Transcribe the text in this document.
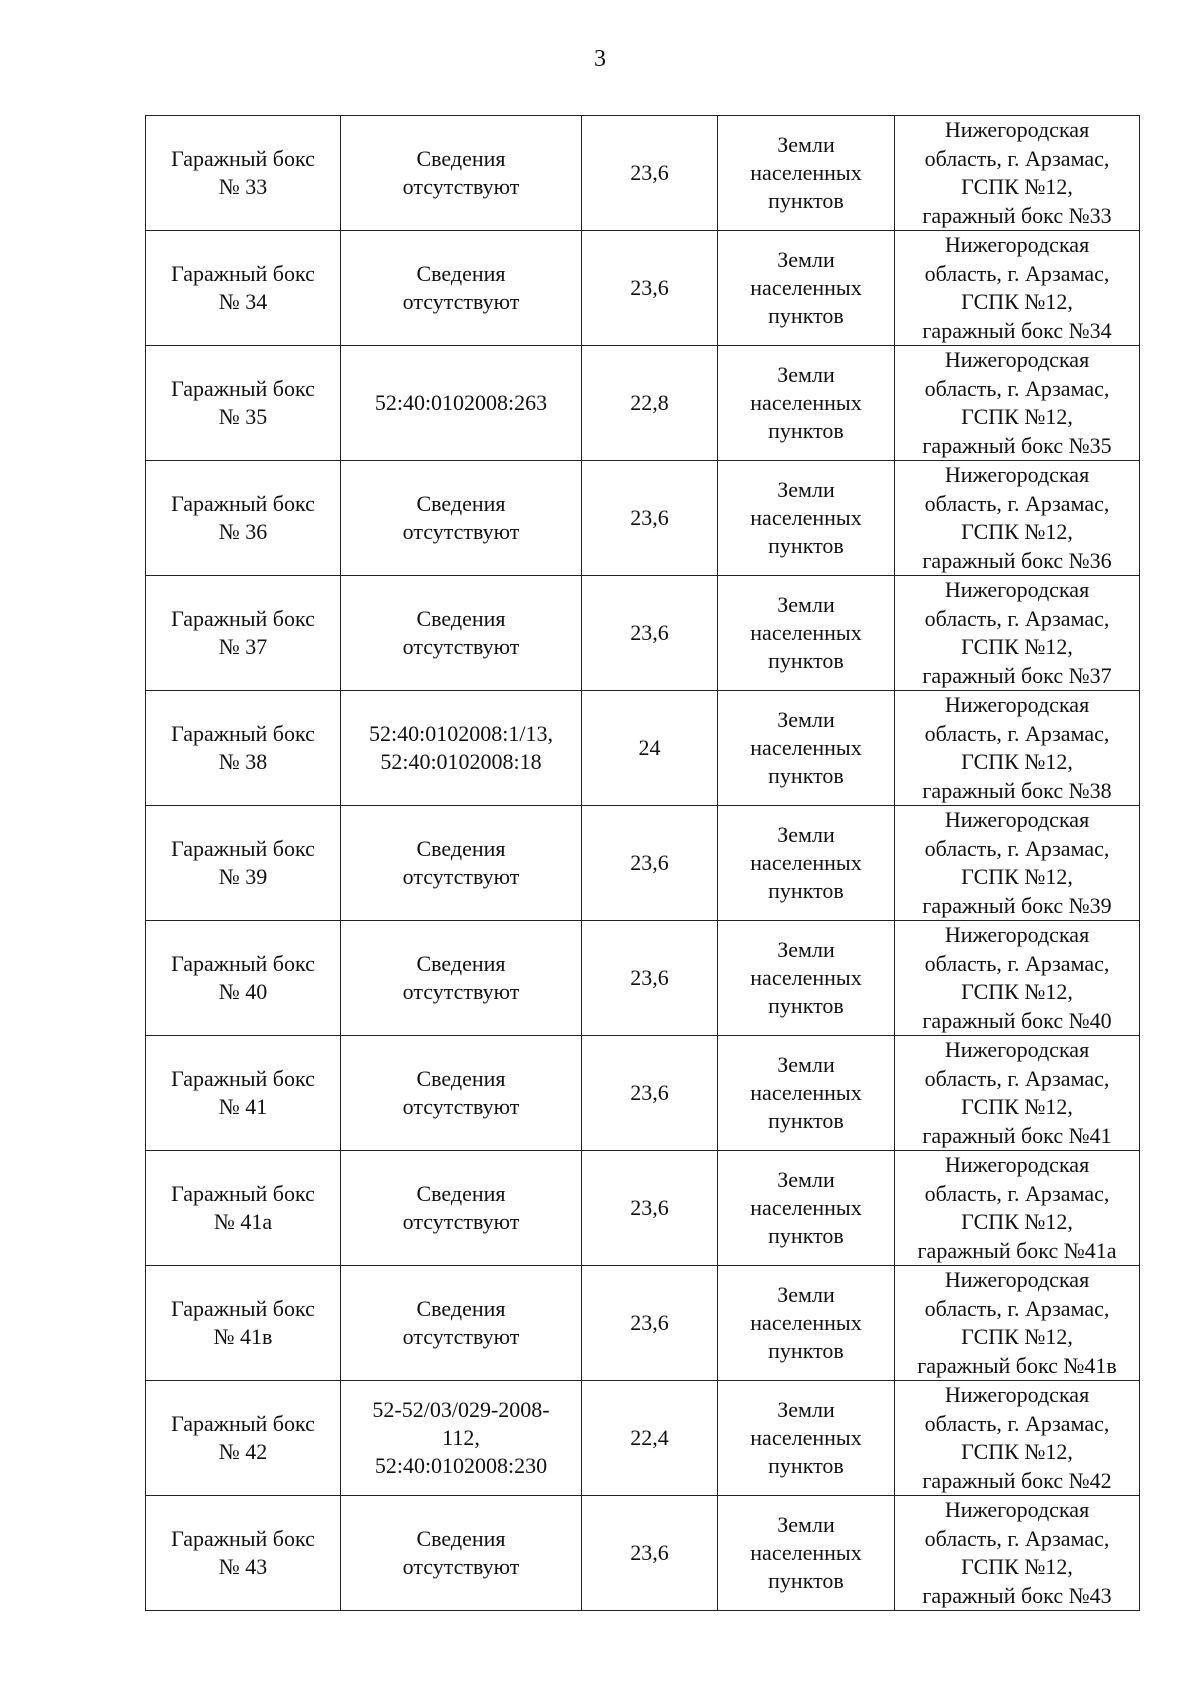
3
Гаражный бокс
№ 33	Сведения
отсутствуют	23,6	Земли
населенных
пунктов	Нижегородская
область, г. Арзамас,
ГСПК №12,
гаражный бокс №33

Гаражный бокс
№ 34	Сведения
отсутствуют	23,6	Земли
населенных
пунктов	Нижегородская
область, г. Арзамас,
ГСПК №12,
гаражный бокс №34

Гаражный бокс
№ 35	52:40:0102008:263	22,8	Земли
населенных
пунктов	Нижегородская
область, г. Арзамас,
ГСПК №12,
гаражный бокс №35

Гаражный бокс
№ 36	Сведения
отсутствуют	23,6	Земли
населенных
пунктов	Нижегородская
область, г. Арзамас,
ГСПК №12,
гаражный бокс №36

Гаражный бокс
№ 37	Сведения
отсутствуют	23,6	Земли
населенных
пунктов	Нижегородская
область, г. Арзамас,
ГСПК №12,
гаражный бокс №37

Гаражный бокс
№ 38	52:40:0102008:1/13,
52:40:0102008:18	24	Земли
населенных
пунктов	Нижегородская
область, г. Арзамас,
ГСПК №12,
гаражный бокс №38

Гаражный бокс
№ 39	Сведения
отсутствуют	23,6	Земли
населенных
пунктов	Нижегородская
область, г. Арзамас,
ГСПК №12,
гаражный бокс №39

Гаражный бокс
№ 40	Сведения
отсутствуют	23,6	Земли
населенных
пунктов	Нижегородская
область, г. Арзамас,
ГСПК №12,
гаражный бокс №40

Гаражный бокс
№ 41	Сведения
отсутствуют	23,6	Земли
населенных
пунктов	Нижегородская
область, г. Арзамас,
ГСПК №12,
гаражный бокс №41

Гаражный бокс
№ 41а	Сведения
отсутствуют	23,6	Земли
населенных
пунктов	Нижегородская
область, г. Арзамас,
ГСПК №12,
гаражный бокс №41а

Гаражный бокс
№ 41в	Сведения
отсутствуют	23,6	Земли
населенных
пунктов	Нижегородская
область, г. Арзамас,
ГСПК №12,
гаражный бокс №41в

Гаражный бокс
№ 42	52-52/03/029-2008-
112,
52:40:0102008:230	22,4	Земли
населенных
пунктов	Нижегородская
область, г. Арзамас,
ГСПК №12,
гаражный бокс №42

Гаражный бокс
№ 43	Сведения
отсутствуют	23,6	Земли
населенных
пунктов	Нижегородская
область, г. Арзамас,
ГСПК №12,
гаражный бокс №43
